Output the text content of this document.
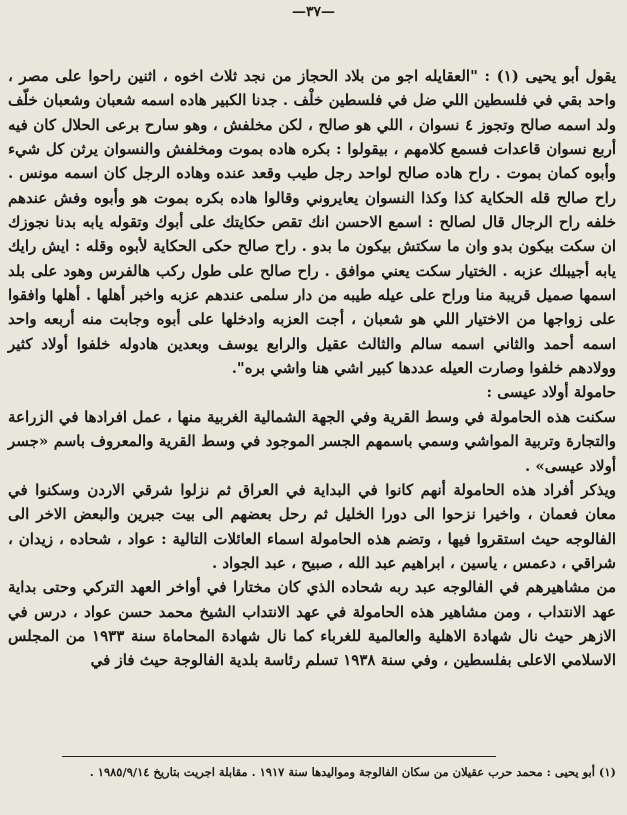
—٣٧—

يقول أبو يحيى (١) : "العقايله اجو من بلاد الحجاز من نجد ثلاث اخوه ، اثنين راحوا على مصر ، واحد بقي في فلسطين اللي ضل في فلسطين خلْف . جدنا الكبير هاده اسمه شعبان وشعبان خلّف ولد اسمه صالح وتجوز ٤ نسوان ، اللي هو صالح ، لكن مخلفش ، وهو سارح برعى الحلال كان فيه أربع نسوان قاعدات فسمع كلامهم ، بيقولوا : بكره هاده بموت ومخلفش والنسوان يرثن كل شيء وأبوه كمان بموت . راح هاده صالح لواحد رجل طيب وقعد عنده وهاده الرجل كان اسمه مونس . راح صالح قله الحكاية كذا وكذا النسوان يعايروني وقالوا هاده بكره بموت هو وأبوه وفش عندهم خلفه راح الرجال قال لصالح : اسمع الاحسن انك تقص حكايتك على أبوك وتقوله يابه بدنا نجوزك ان سكت بيكون بدو وان ما سكتش بيكون ما بدو . راح صالح حكى الحكاية لأبوه وقله : ايش رايك يابه أجيبلك عزبه . الختيار سكت يعني موافق . راح صالح على طول ركب هالفرس وهود على بلد اسمها صميل قريبة منا وراح على عيله طيبه من دار سلمى عندهم عزبه واخبر أهلها . أهلها وافقوا على زواجها من الاختيار اللي هو شعبان ، أجت العزبه وادخلها على أبوه وجابت منه أربعه واحد اسمه أحمد والثاني اسمه سالم والثالث عقيل والرابع يوسف وبعدين هادوله خلفوا أولاد كثير وولادهم خلفوا وصارت العيله عددها كبير اشي هنا واشي بره".

حامولة أولاد عيسى :

سكنت هذه الحامولة في وسط القرية وفي الجهة الشمالية الغربية منها ، عمل افرادها في الزراعة والتجارة وتربية المواشي وسمي باسمهم الجسر الموجود في وسط القرية والمعروف باسم «جسر أولاد عيسى» .

ويذكر أفراد هذه الحامولة أنهم كانوا في البداية في العراق ثم نزلوا شرقي الاردن وسكنوا في معان فعمان ، واخيرا نزحوا الى دورا الخليل ثم رحل بعضهم الى بيت جبرين والبعض الاخر الى الفالوجه حيث استقروا فيها ، وتضم هذه الحامولة اسماء العائلات التالية : عواد ، شحاده ، زيدان ، شراقي ، دعمس ، ياسين ، ابراهيم عبد الله ، صبيح ، عبد الجواد .

من مشاهيرهم في الفالوجه عبد ربه شحاده الذي كان مختارا في أواخر العهد التركي وحتى بداية عهد الانتداب ، ومن مشاهير هذه الحامولة في عهد الانتداب الشيخ محمد حسن عواد ، درس في الازهر حيث نال شهادة الاهلية والعالمية للغرباء كما نال شهادة المحاماة سنة ١٩٣٣ من المجلس الاسلامي الاعلى بفلسطين ، وفي سنة ١٩٣٨ تسلم رئاسة بلدية الفالوجة حيث فاز في

(١) أبو يحيى : محمد حرب عقيلان من سكان الفالوجة ومواليدها سنة ١٩١٧ . مقابلة اجريت بتاريخ ١٩٨٥/٩/١٤ .
